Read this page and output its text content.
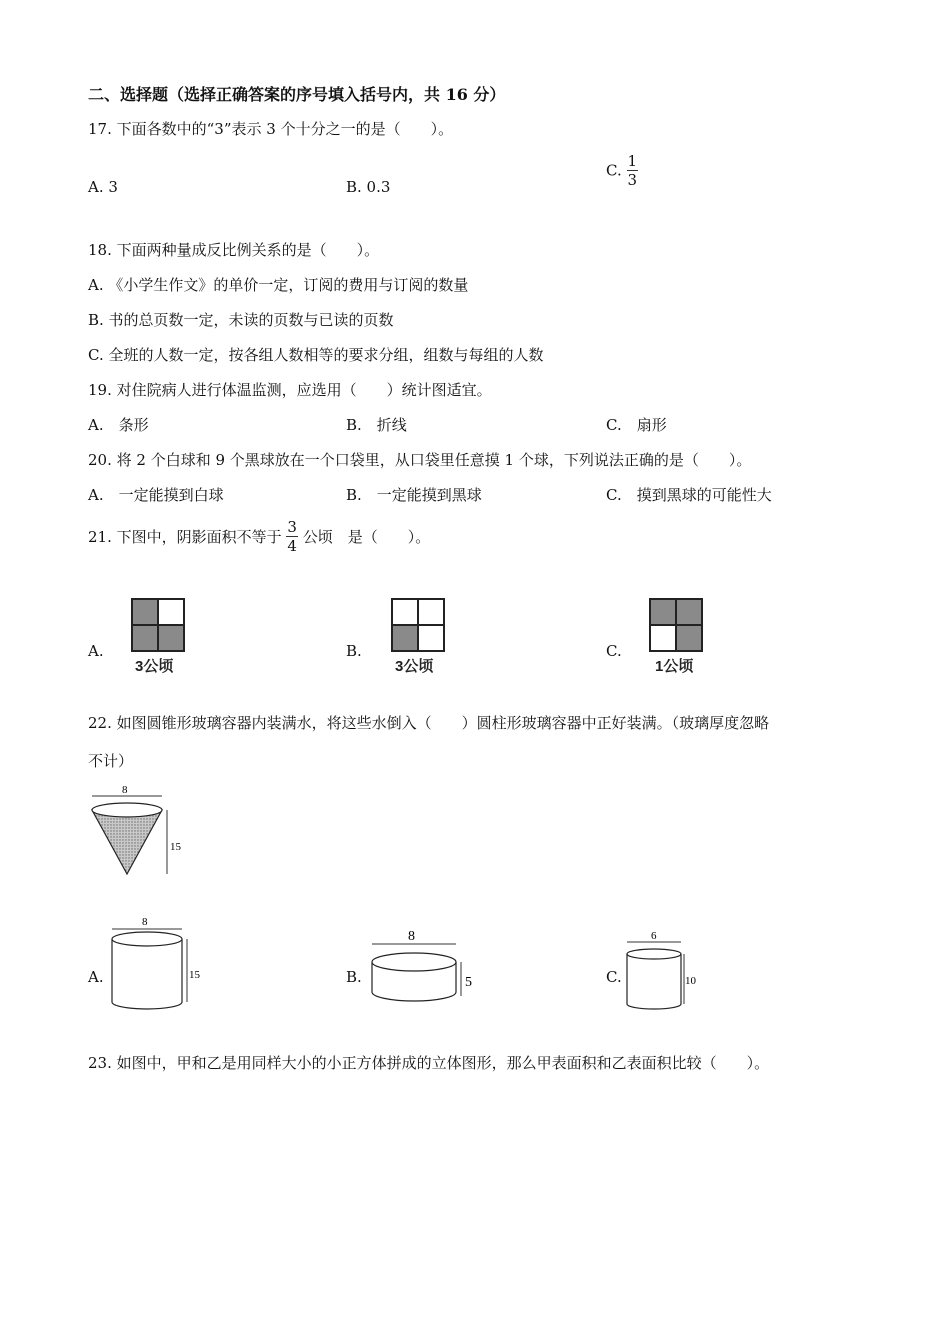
二、选择题（选择正确答案的序号填入括号内，共 16 分）
17. 下面各数中的“3”表示 3 个十分之一的是（　　）。
A. 3	B. 0.3
C. $\frac{1}{3}$
18. 下面两种量成反比例关系的是（　　）。
A. 《小学生作文》的单价一定，订阅的费用与订阅的数量
B. 书的总页数一定，未读的页数与已读的页数
C. 全班的人数一定，按各组人数相等的要求分组，组数与每组的人数
19. 对住院病人进行体温监测，应选用（　　）统计图适宜。
A.　条形	B.　折线	C.　扇形
20. 将 2 个白球和 9 个黑球放在一个口袋里，从口袋里任意摸 1 个球，下列说法正确的是（　　）。
A.　一定能摸到白球	B.　一定能摸到黑球	C.　摸到黑球的可能性大
21. 下图中，阴影面积不等于 $\frac{3}{4}$ 公顷　是（　　）。
A.
3公顷
B.
3公顷
C.
1公顷
22. 如图圆锥形玻璃容器内装满水，将这些水倒入（　　）圆柱形玻璃容器中正好装满。（玻璃厚度忽略
不计）
8
15
A.
8
15	B.
8
5	C.
6
10
23. 如图中，甲和乙是用同样大小的小正方体拼成的立体图形，那么甲表面积和乙表面积比较（　　）。
